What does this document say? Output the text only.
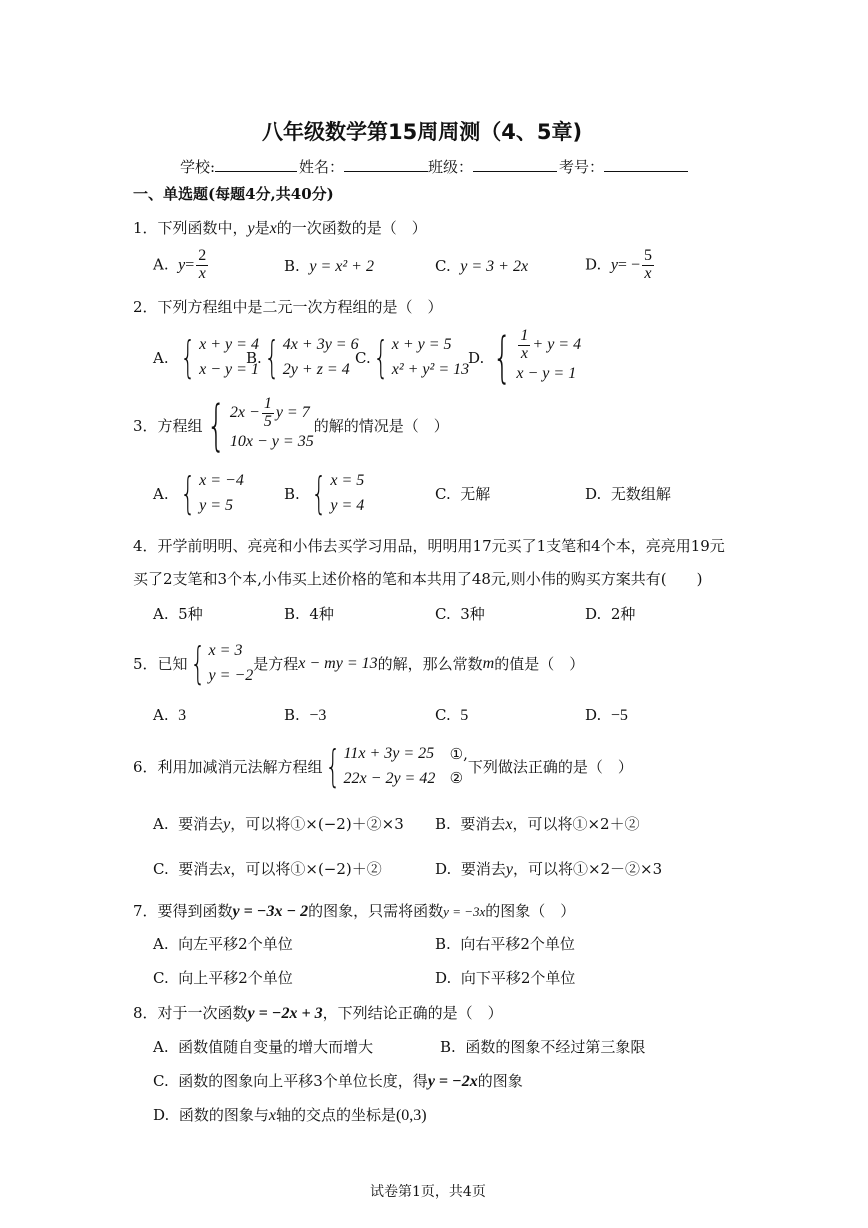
八年级数学第15周周测（4、5章)
学校:	姓名：	班级：	考号：
一、单选题(每题4分,共40分)
1．下列函数中，y是x的一次函数的是（　）
A. $y= \frac{2}{x}$	B. y = x² + 2	C. y = 3 + 2x	D. $y= - \frac{5}{x}$
2．下列方程组中是二元一次方程组的是（　）
A.
{ x + y = 4
x − y = 1
B. { 4x + 3y = 6
2y + z = 4
C. { x + y = 5
x² + y² = 13
D.
{ $\frac{1}{x} + y = 4$
x − y = 1
3．方程组 { $2x - \frac{1}{5}$ y = 7
10x − y = 35
的解的情况是（　）
A.
{ x = −4
y = 5
B.
{ x = 5
y = 4
C. 无解	D. 无数组解
4．开学前明明、亮亮和小伟去买学习用品，明明用17元买了1支笔和4个本，亮亮用19元
买了2支笔和3个本,小伟买上述价格的笔和本共用了48元,则小伟的购买方案共有(　　)
A. 5种	B. 4种	C. 3种	D. 2种
5．已知 { x = 3
y = −2
是方程 x − my = 13 的解，那么常数 m 的值是（　）
A. 3	B. −3	C. 5	D. −5
6．利用加减消元法解方程组 { 11x + 3y = 25
22x − 2y = 42

①,
②
下列做法正确的是（　）
A. 要消去y，可以将①×(−2)＋②×3 B. 要消去x，可以将①×2＋②
C. 要消去x，可以将①×(−2)＋②	D. 要消去y，可以将①×2－②×3
7．要得到函数y = −3x − 2的图象，只需将函数y = −3x的图象（　）
A. 向左平移2个单位	B. 向右平移2个单位
C. 向上平移2个单位	D. 向下平移2个单位
8．对于一次函数y = −2x + 3，下列结论正确的是（　）
A. 函数值随自变量的增大而增大	B. 函数的图象不经过第三象限
C. 函数的图象向上平移3个单位长度，得y = −2x的图象
D. 函数的图象与x轴的交点的坐标是(0,3)
试卷第1页，共4页
